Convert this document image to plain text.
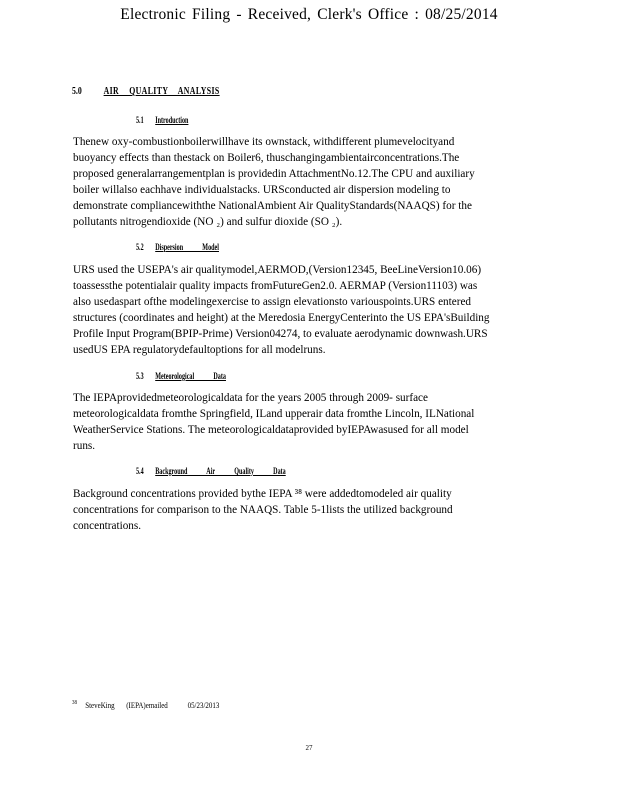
Electronic Filing - Received, Clerk's Office : 08/25/2014
5.0 AIR QUALITY ANALYSIS
5.1 Introduction
Thenew oxy-combustionboilerwillhave its ownstack, withdifferent plumevelocityand
buoyancy effects than thestack on Boiler6, thuschangingambientairconcentrations.The
proposed generalarrangementplan is providedin AttachmentNo.12.The CPU and auxiliary
boiler willalso eachhave individualstacks. URSconducted air dispersion modeling to
demonstrate compliancewiththe NationalAmbient Air QualityStandards(NAAQS) for the
pollutants nitrogendioxide (NO ₂) and sulfur dioxide (SO ₂).
5.2 Dispersion Model
URS used the USEPA's air qualitymodel,AERMOD,(Version12345, BeeLineVersion10.06)
toassessthe potentialair quality impacts fromFutureGen2.0. AERMAP (Version11103) was
also usedaspart ofthe modelingexercise to assign elevationsto variouspoints.URS entered
structures (coordinates and height) at the Meredosia EnergyCenterinto the US EPA'sBuilding
Profile Input Program(BPIP-Prime) Version04274, to evaluate aerodynamic downwash.URS
usedUS EPA regulatorydefaultoptions for all modelruns.
5.3 Meteorological Data
The IEPAprovidedmeteorologicaldata for the years 2005 through 2009- surface
meteorologicaldata fromthe Springfield, ILand upperair data fromthe Lincoln, ILNational
WeatherService Stations. The meteorologicaldataprovided byIEPAwasused for all model
runs.
5.4 Background Air Quality Data
Background concentrations provided bythe IEPA ³⁸ were addedtomodeled air quality
concentrations for comparison to the NAAQS. Table 5-1lists the utilized background
concentrations.
$^{38}$ SteveKing (IEPA)emailed 05/23/2013
27
